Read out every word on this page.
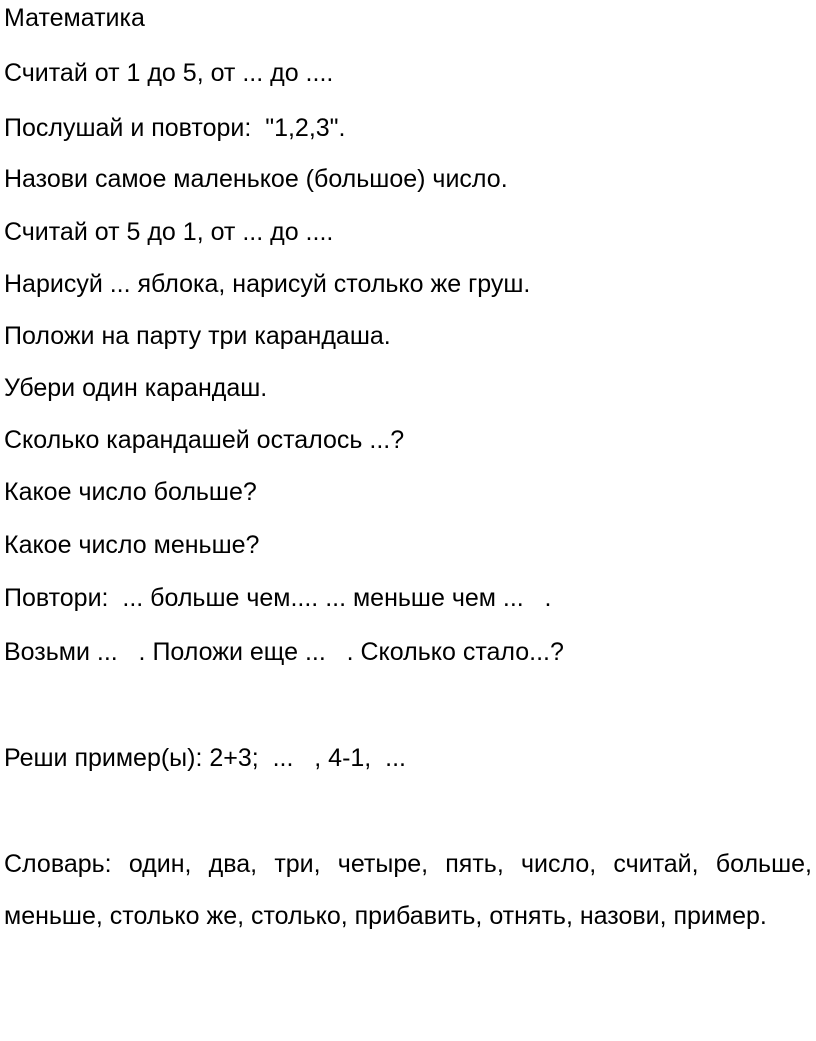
Математика
Считай от 1 до 5, от ... до ....
Послушай и повтори:  "1,2,3".
Назови самое маленькое (большое) число.
Считай от 5 до 1, от ... до ....
Нарисуй ... яблока, нарисуй столько же груш.
Положи на парту три карандаша.
Убери один карандаш.
Сколько карандашей осталось ...?
Какое число больше?
Какое число меньше?
Повтори:  ... больше чем.... ... меньше чем ...   .
Возьми ...   . Положи еще ...   . Сколько стало...?
Реши пример(ы): 2+3;  ...   , 4-1,  ...
Словарь: один, два, три, четыре, пять, число, считай, больше, меньше, столько же, столько, прибавить, отнять, назови, пример.
